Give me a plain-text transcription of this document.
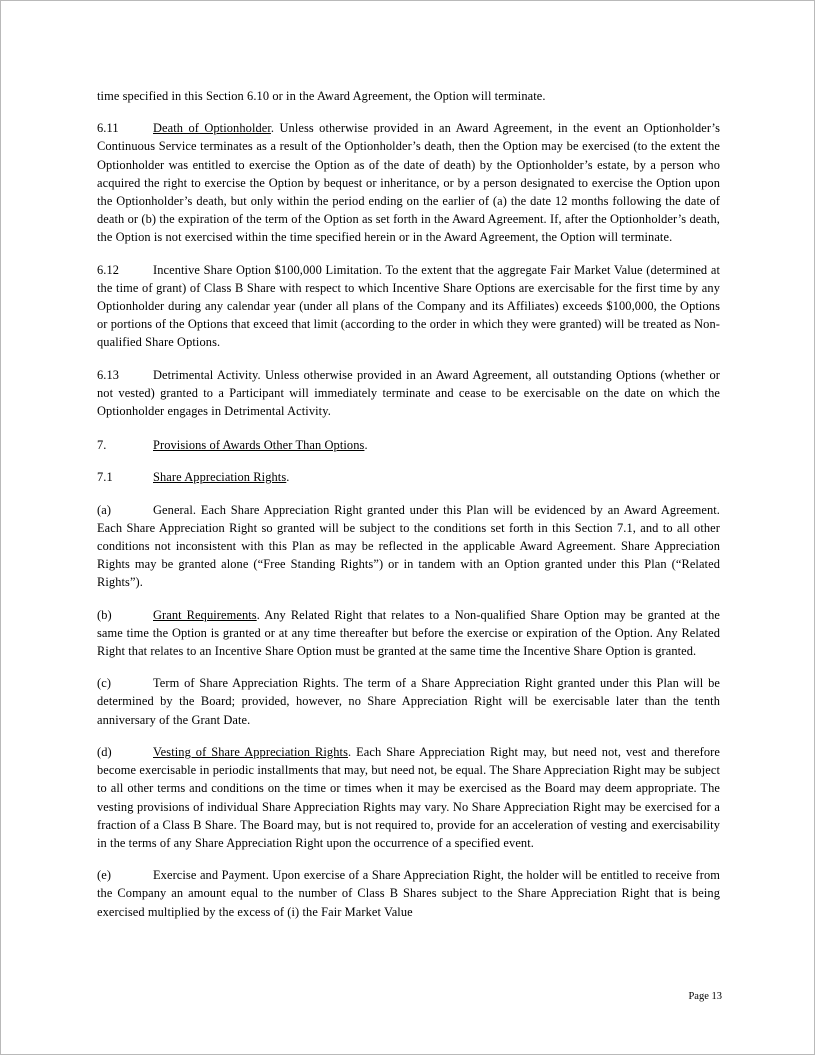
time specified in this Section 6.10 or in the Award Agreement, the Option will terminate.

6.11	Death of Optionholder. Unless otherwise provided in an Award Agreement, in the event an Optionholder’s Continuous Service terminates as a result of the Optionholder’s death, then the Option may be exercised (to the extent the Optionholder was entitled to exercise the Option as of the date of death) by the Optionholder’s estate, by a person who acquired the right to exercise the Option by bequest or inheritance, or by a person designated to exercise the Option upon the Optionholder’s death, but only within the period ending on the earlier of (a) the date 12 months following the date of death or (b) the expiration of the term of the Option as set forth in the Award Agreement. If, after the Optionholder’s death, the Option is not exercised within the time specified herein or in the Award Agreement, the Option will terminate.

6.12	Incentive Share Option $100,000 Limitation. To the extent that the aggregate Fair Market Value (determined at the time of grant) of Class B Share with respect to which Incentive Share Options are exercisable for the first time by any Optionholder during any calendar year (under all plans of the Company and its Affiliates) exceeds $100,000, the Options or portions of the Options that exceed that limit (according to the order in which they were granted) will be treated as Non-qualified Share Options.

6.13	Detrimental Activity. Unless otherwise provided in an Award Agreement, all outstanding Options (whether or not vested) granted to a Participant will immediately terminate and cease to be exercisable on the date on which the Optionholder engages in Detrimental Activity.

7.	Provisions of Awards Other Than Options.

7.1	Share Appreciation Rights.

(a)	General. Each Share Appreciation Right granted under this Plan will be evidenced by an Award Agreement. Each Share Appreciation Right so granted will be subject to the conditions set forth in this Section 7.1, and to all other conditions not inconsistent with this Plan as may be reflected in the applicable Award Agreement. Share Appreciation Rights may be granted alone (“Free Standing Rights”) or in tandem with an Option granted under this Plan (“Related Rights”).

(b)	Grant Requirements. Any Related Right that relates to a Non-qualified Share Option may be granted at the same time the Option is granted or at any time thereafter but before the exercise or expiration of the Option. Any Related Right that relates to an Incentive Share Option must be granted at the same time the Incentive Share Option is granted.

(c)	Term of Share Appreciation Rights. The term of a Share Appreciation Right granted under this Plan will be determined by the Board; provided, however, no Share Appreciation Right will be exercisable later than the tenth anniversary of the Grant Date.

(d)	Vesting of Share Appreciation Rights. Each Share Appreciation Right may, but need not, vest and therefore become exercisable in periodic installments that may, but need not, be equal. The Share Appreciation Right may be subject to all other terms and conditions on the time or times when it may be exercised as the Board may deem appropriate. The vesting provisions of individual Share Appreciation Rights may vary. No Share Appreciation Right may be exercised for a fraction of a Class B Share. The Board may, but is not required to, provide for an acceleration of vesting and exercisability in the terms of any Share Appreciation Right upon the occurrence of a specified event.

(e)	Exercise and Payment. Upon exercise of a Share Appreciation Right, the holder will be entitled to receive from the Company an amount equal to the number of Class B Shares subject to the Share Appreciation Right that is being exercised multiplied by the excess of (i) the Fair Market Value

Page 13
